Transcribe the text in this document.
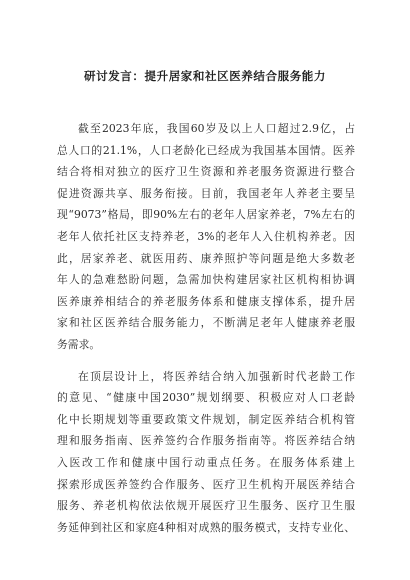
研讨发言：提升居家和社区医养结合服务能力
截至2023年底，我国60岁及以上人口超过2.9亿，占
总人口的21.1%，人口老龄化已经成为我国基本国情。医养
结合将相对独立的医疗卫生资源和养老服务资源进行整合
促进资源共享、服务衔接。目前，我国老年人养老主要呈
现“9073”格局，即90%左右的老年人居家养老，7%左右的
老年人依托社区支持养老，3%的老年人入住机构养老。因
此，居家养老、就医用药、康养照护等问题是绝大多数老
年人的急难愁盼问题，急需加快构建居家社区机构相协调
医养康养相结合的养老服务体系和健康支撑体系，提升居
家和社区医养结合服务能力，不断满足老年人健康养老服
务需求。
在顶层设计上，将医养结合纳入加强新时代老龄工作
的意见、“健康中国2030”规划纲要、积极应对人口老龄
化中长期规划等重要政策文件规划，制定医养结合机构管
理和服务指南、医养签约合作服务指南等。将医养结合纳
入医改工作和健康中国行动重点任务。在服务体系建上
探索形成医养签约合作服务、医疗卫生机构开展医养结合
服务、养老机构依法依规开展医疗卫生服务、医疗卫生服
务延伸到社区和家庭4种相对成熟的服务模式，支持专业化、
